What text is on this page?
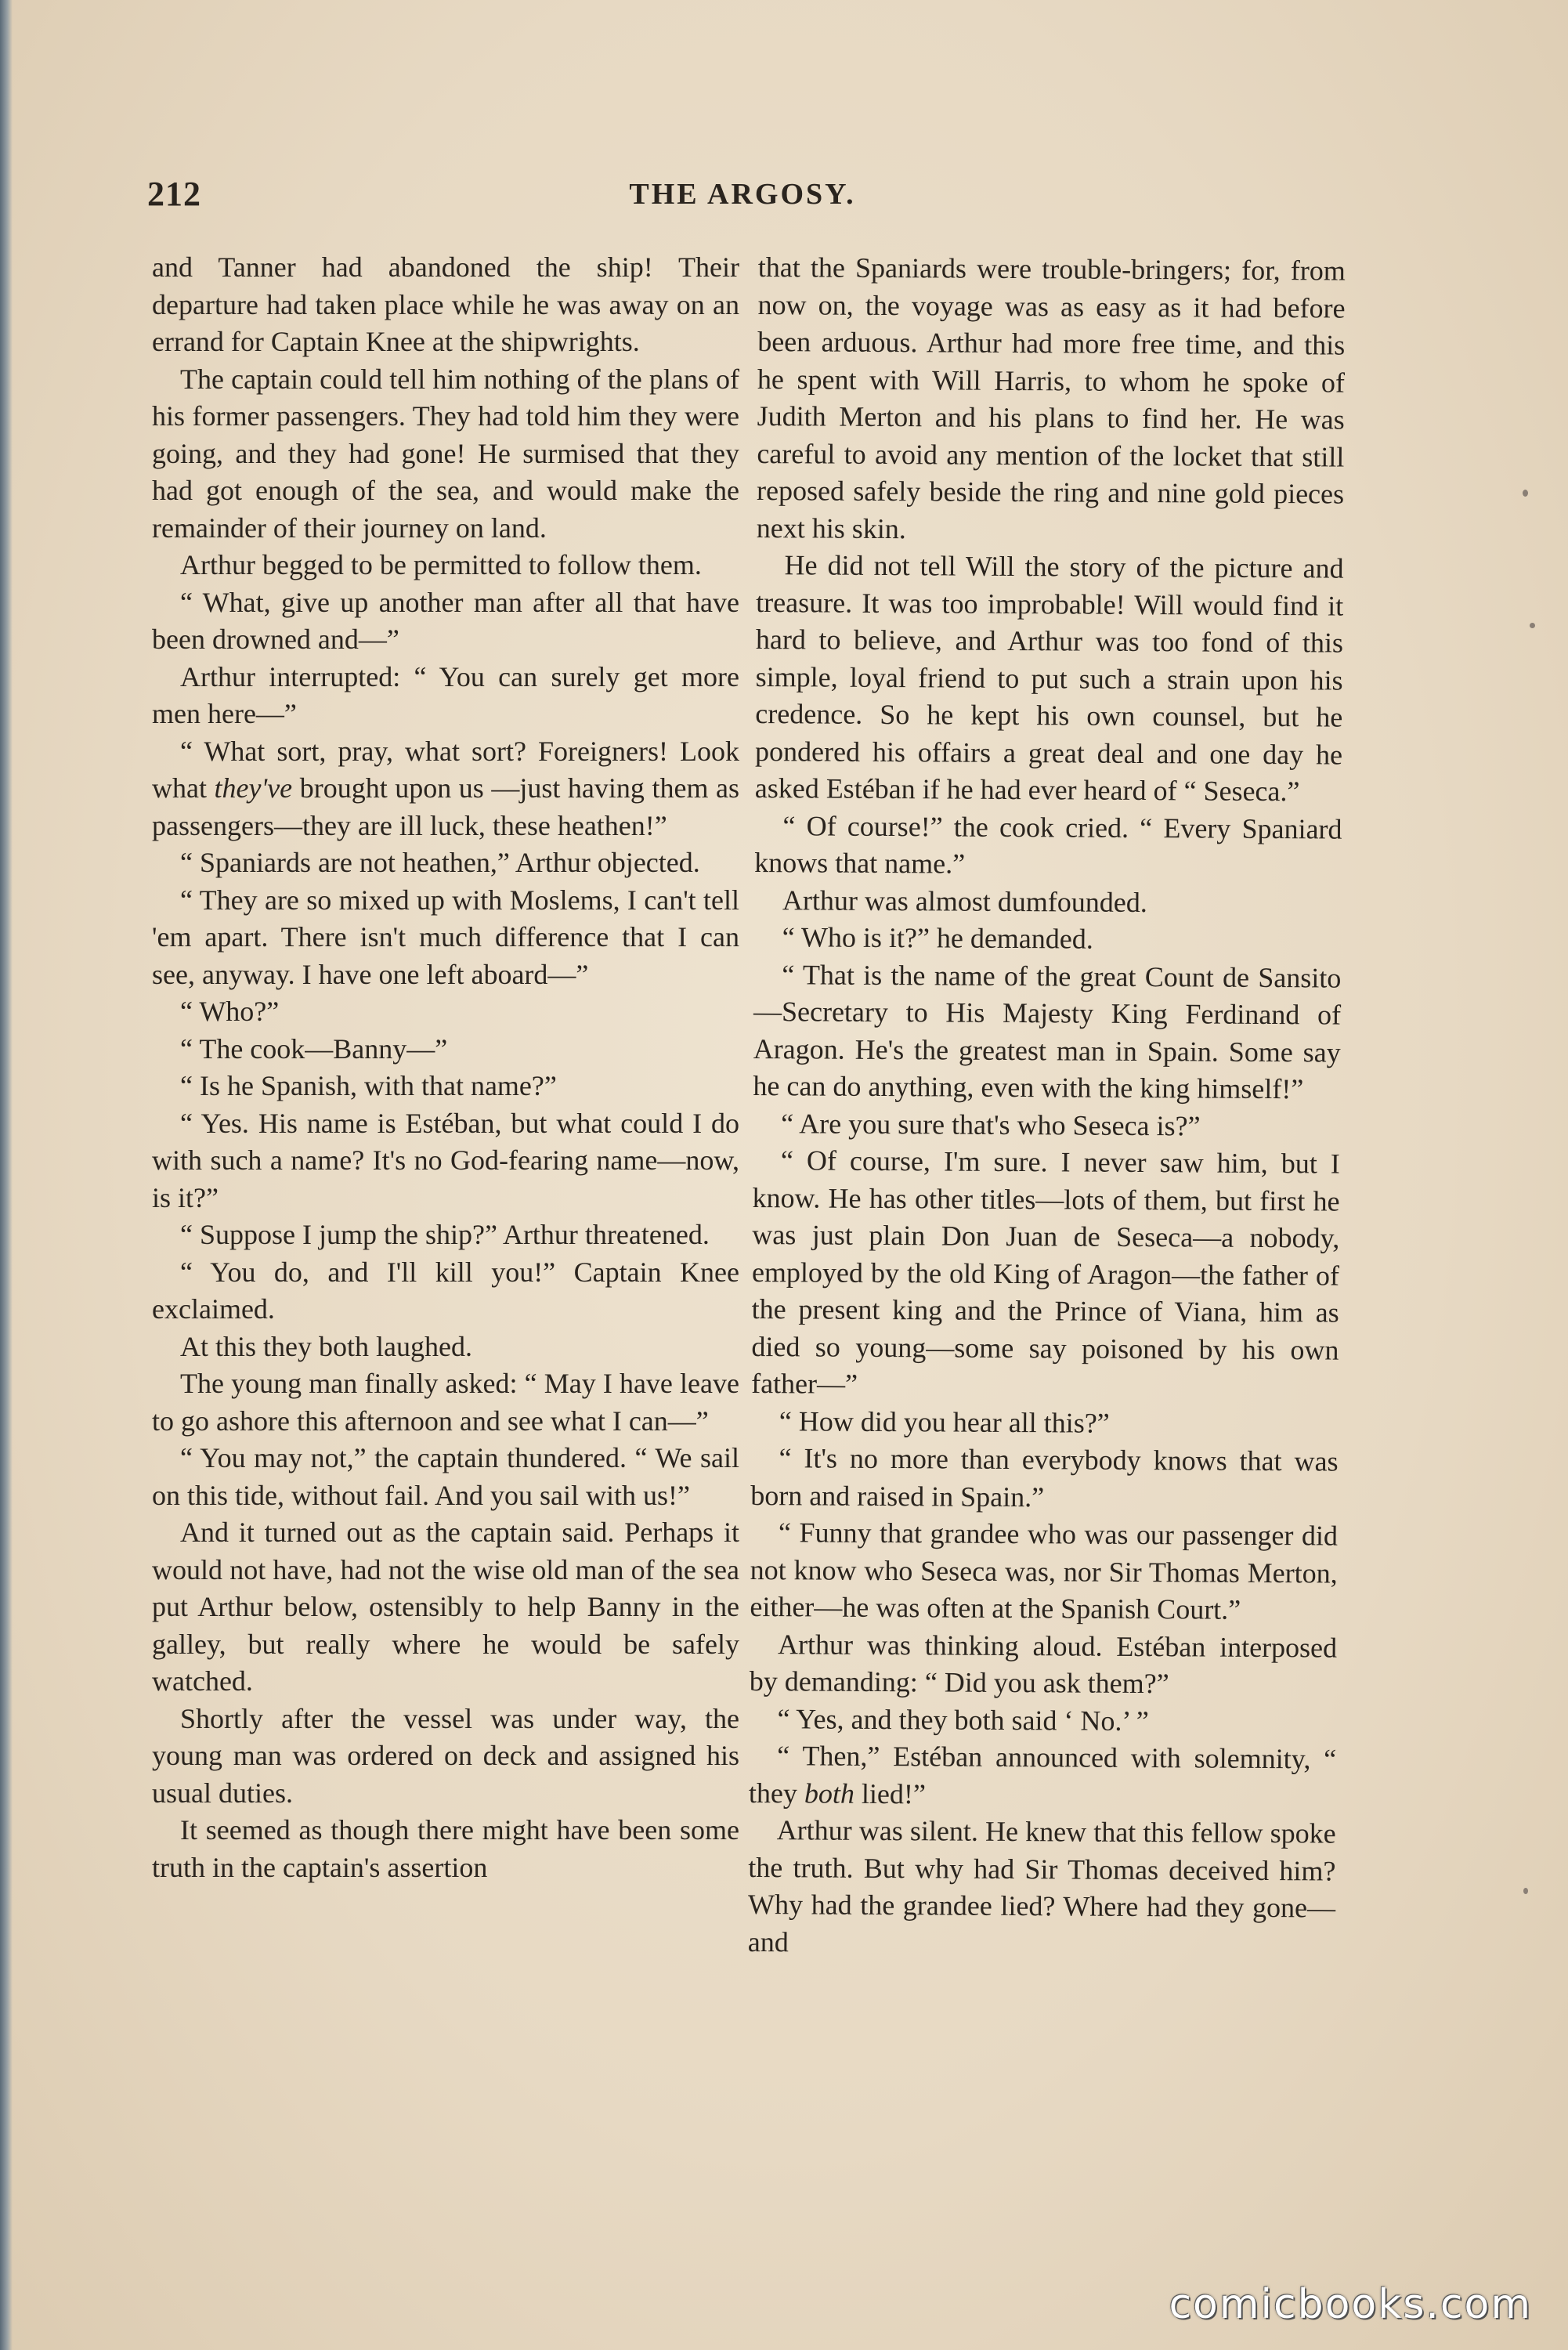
212	THE ARGOSY.

and Tanner had abandoned the ship! Their departure had taken place while he was away on an errand for Captain Knee at the shipwrights.

The captain could tell him nothing of the plans of his former passengers. They had told him they were going, and they had gone! He surmised that they had got enough of the sea, and would make the remainder of their journey on land.

Arthur begged to be permitted to follow them.

“ What, give up another man after all that have been drowned and—”

Arthur interrupted: “ You can surely get more men here—”

“ What sort, pray, what sort? Foreigners! Look what they've brought upon us —just having them as passengers—they are ill luck, these heathen!”

“ Spaniards are not heathen,” Arthur objected.

“ They are so mixed up with Moslems, I can't tell 'em apart. There isn't much difference that I can see, anyway. I have one left aboard—”

“ Who?”

“ The cook—Banny—”

“ Is he Spanish, with that name?”

“ Yes. His name is Estéban, but what could I do with such a name? It's no God-fearing name—now, is it?”

“ Suppose I jump the ship?” Arthur threatened.

“ You do, and I'll kill you!” Captain Knee exclaimed.

At this they both laughed.

The young man finally asked: “ May I have leave to go ashore this afternoon and see what I can—”

“ You may not,” the captain thundered. “ We sail on this tide, without fail. And you sail with us!”

And it turned out as the captain said. Perhaps it would not have, had not the wise old man of the sea put Arthur below, ostensibly to help Banny in the galley, but really where he would be safely watched.

Shortly after the vessel was under way, the young man was ordered on deck and assigned his usual duties.

It seemed as though there might have been some truth in the captain's assertion

that the Spaniards were trouble-bringers; for, from now on, the voyage was as easy as it had before been arduous. Arthur had more free time, and this he spent with Will Harris, to whom he spoke of Judith Merton and his plans to find her. He was careful to avoid any mention of the locket that still reposed safely beside the ring and nine gold pieces next his skin.

He did not tell Will the story of the picture and treasure. It was too improbable! Will would find it hard to believe, and Arthur was too fond of this simple, loyal friend to put such a strain upon his credence. So he kept his own counsel, but he pondered his offairs a great deal and one day he asked Estéban if he had ever heard of “ Seseca.”

“ Of course!” the cook cried. “ Every Spaniard knows that name.”

Arthur was almost dumfounded.

“ Who is it?” he demanded.

“ That is the name of the great Count de Sansito—Secretary to His Majesty King Ferdinand of Aragon. He's the greatest man in Spain. Some say he can do anything, even with the king himself!”

“ Are you sure that's who Seseca is?”

“ Of course, I'm sure. I never saw him, but I know. He has other titles—lots of them, but first he was just plain Don Juan de Seseca—a nobody, employed by the old King of Aragon—the father of the present king and the Prince of Viana, him as died so young—some say poisoned by his own father—”

“ How did you hear all this?”

“ It's no more than everybody knows that was born and raised in Spain.”

“ Funny that grandee who was our passenger did not know who Seseca was, nor Sir Thomas Merton, either—he was often at the Spanish Court.”

Arthur was thinking aloud. Estéban interposed by demanding: “ Did you ask them?”

“ Yes, and they both said ‘ No.’ ”

“ Then,” Estéban announced with solemnity, “ they both lied!”

Arthur was silent. He knew that this fellow spoke the truth. But why had Sir Thomas deceived him? Why had the grandee lied? Where had they gone—and

comicbooks.com
